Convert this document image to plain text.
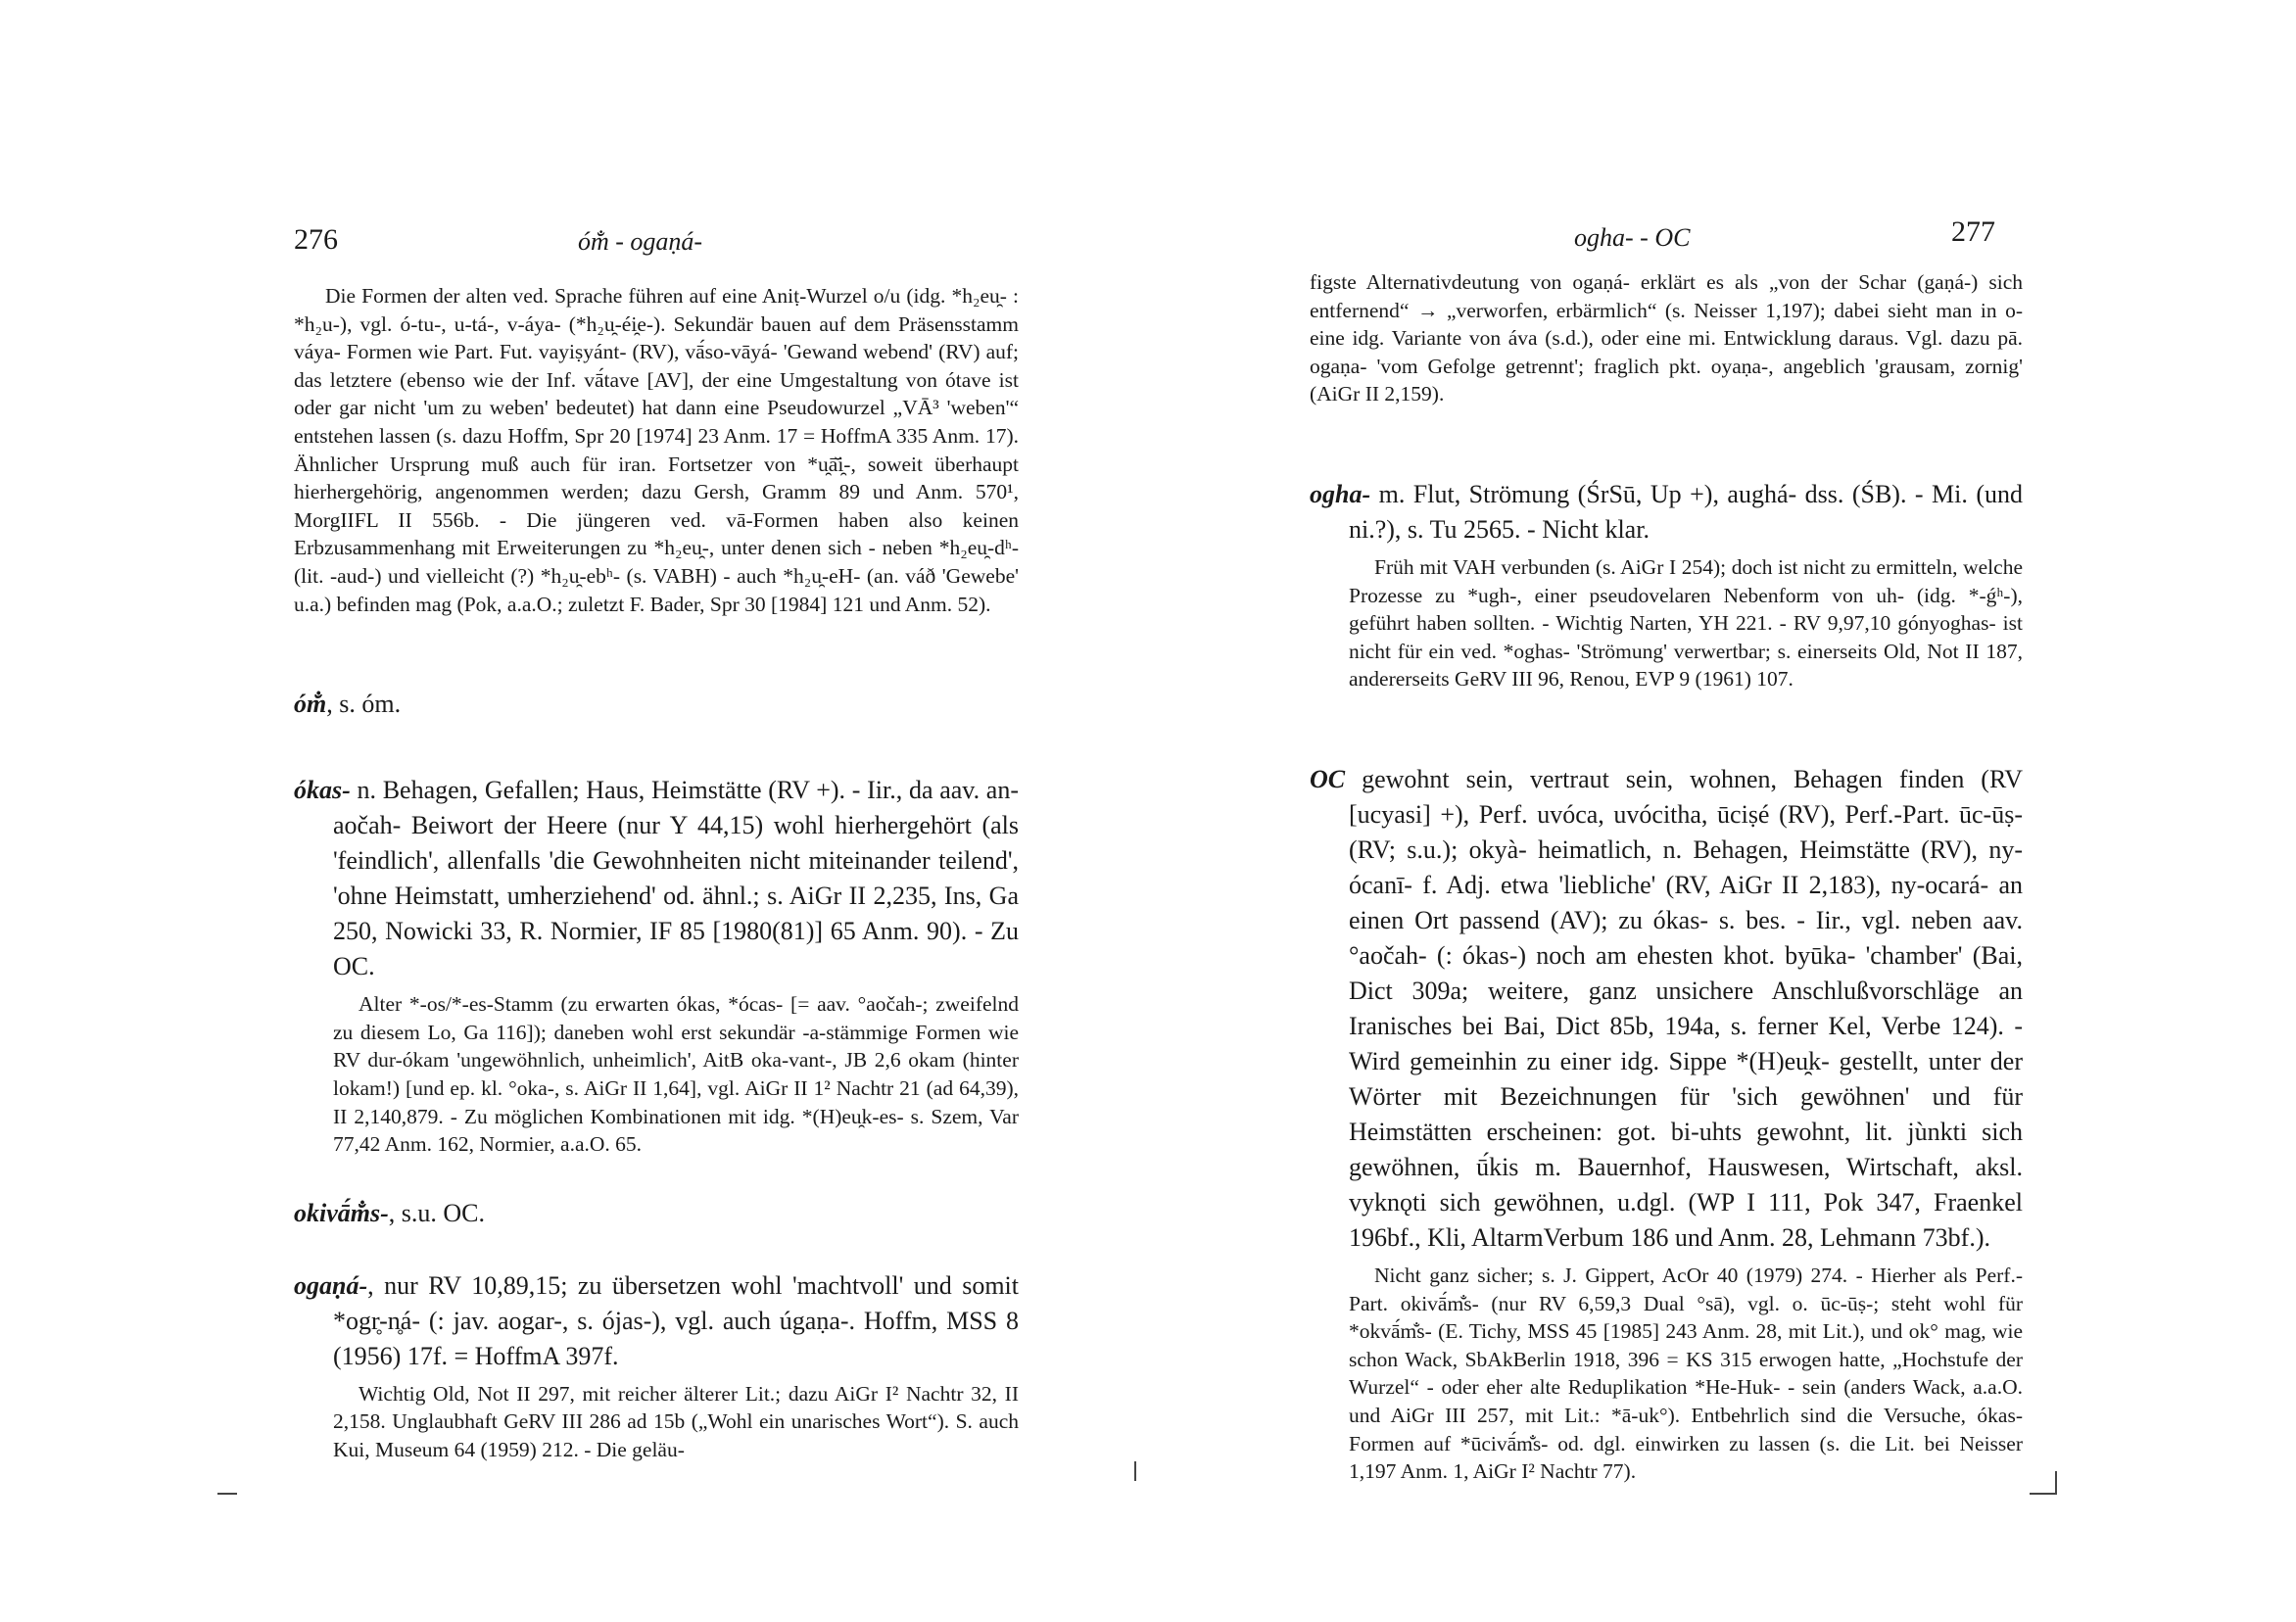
276	óm̐ - ogaṇá-

Die Formen der alten ved. Sprache führen auf eine Aniṭ-Wurzel o/u (idg. *h₂eu̯- : *h₂u-), vgl. ó-tu-, u-tá-, v-áya- (*h₂u̯-éi̯e-). Sekundär bauen auf dem Präsensstamm váya- Formen wie Part. Fut. vayiṣyánt- (RV), vā́so-vāyá- 'Gewand webend' (RV) auf; das letztere (ebenso wie der Inf. vā́tave [AV], der eine Umgestaltung von ótave ist oder gar nicht 'um zu weben' bedeutet) hat dann eine Pseudowurzel „VĀ³ 'weben'“ entstehen lassen (s. dazu Hoffm, Spr 20 [1974] 23 Anm. 17 = HoffmA 335 Anm. 17). Ähnlicher Ursprung muß auch für iran. Fortsetzer von *u̯ā̆i̯-, soweit überhaupt hierhergehörig, angenommen werden; dazu Gersh, Gramm 89 und Anm. 570¹, MorgIIFL II 556b. - Die jüngeren ved. vā-Formen haben also keinen Erbzusammenhang mit Erweiterungen zu *h₂eu̯-, unter denen sich - neben *h₂eu̯-dʰ- (lit. -aud-) und vielleicht (?) *h₂u̯-ebʰ- (s. VABH) - auch *h₂u̯-eH- (an. váð 'Gewebe' u.a.) befinden mag (Pok, a.a.O.; zuletzt F. Bader, Spr 30 [1984] 121 und Anm. 52).

óm̐, s. óm.

ókas- n. Behagen, Gefallen; Haus, Heimstätte (RV +). - Iir., da aav. an-aočah- Beiwort der Heere (nur Y 44,15) wohl hierhergehört (als 'feindlich', allenfalls 'die Gewohnheiten nicht miteinander teilend', 'ohne Heimstatt, umherziehend' od. ähnl.; s. AiGr II 2,235, Ins, Ga 250, Nowicki 33, R. Normier, IF 85 [1980(81)] 65 Anm. 90). - Zu OC.

Alter *-os/*-es-Stamm (zu erwarten ókas, *ócas- [= aav. °aočah-; zweifelnd zu diesem Lo, Ga 116]); daneben wohl erst sekundär -a-stämmige Formen wie RV dur-ókam 'ungewöhnlich, unheimlich', AitB oka-vant-, JB 2,6 okam (hinter lokam!) [und ep. kl. °oka-, s. AiGr II 1,64], vgl. AiGr II 1² Nachtr 21 (ad 64,39), II 2,140,879. - Zu möglichen Kombinationen mit idg. *(H)eu̯k-es- s. Szem, Var 77,42 Anm. 162, Normier, a.a.O. 65.

okivā́m̐s-, s.u. OC.

ogaṇá-, nur RV 10,89,15; zu übersetzen wohl 'machtvoll' und somit *ogr̥-n̥á- (: jav. aogar-, s. ójas-), vgl. auch úgaṇa-. Hoffm, MSS 8 (1956) 17f. = HoffmA 397f.

Wichtig Old, Not II 297, mit reicher älterer Lit.; dazu AiGr I² Nachtr 32, II 2,158. Unglaubhaft GeRV III 286 ad 15b („Wohl ein unarisches Wort“). S. auch Kui, Museum 64 (1959) 212. - Die geläu-

ogha- - OC	277

figste Alternativdeutung von ogaṇá- erklärt es als „von der Schar (gaṇá-) sich entfernend“ → „verworfen, erbärmlich“ (s. Neisser 1,197); dabei sieht man in o- eine idg. Variante von áva (s.d.), oder eine mi. Entwicklung daraus. Vgl. dazu pā. ogaṇa- 'vom Gefolge getrennt'; fraglich pkt. oyaṇa-, angeblich 'grausam, zornig' (AiGr II 2,159).

ogha- m. Flut, Strömung (ŚrSū, Up +), aughá- dss. (ŚB). - Mi. (und ni.?), s. Tu 2565. - Nicht klar.

Früh mit VAH verbunden (s. AiGr I 254); doch ist nicht zu ermitteln, welche Prozesse zu *ugh-, einer pseudovelaren Nebenform von uh- (idg. *-ǵʰ-), geführt haben sollten. - Wichtig Narten, YH 221. - RV 9,97,10 gónyoghas- ist nicht für ein ved. *oghas- 'Strömung' verwertbar; s. einerseits Old, Not II 187, andererseits GeRV III 96, Renou, EVP 9 (1961) 107.

OC gewohnt sein, vertraut sein, wohnen, Behagen finden (RV [ucyasi] +), Perf. uvóca, uvócitha, ūciṣé (RV), Perf.-Part. ūc-ūṣ- (RV; s.u.); okyà- heimatlich, n. Behagen, Heimstätte (RV), ny-ócanī- f. Adj. etwa 'liebliche' (RV, AiGr II 2,183), ny-ocará- an einen Ort passend (AV); zu ókas- s. bes. - Iir., vgl. neben aav. °aočah- (: ókas-) noch am ehesten khot. byūka- 'chamber' (Bai, Dict 309a; weitere, ganz unsichere Anschlußvorschläge an Iranisches bei Bai, Dict 85b, 194a, s. ferner Kel, Verbe 124). - Wird gemeinhin zu einer idg. Sippe *(H)eu̯k- gestellt, unter der Wörter mit Bezeichnungen für 'sich gewöhnen' und für Heimstätten erscheinen: got. bi-uhts gewohnt, lit. jùnkti sich gewöhnen, ū́kis m. Bauernhof, Hauswesen, Wirtschaft, aksl. vyknǫti sich gewöhnen, u.dgl. (WP I 111, Pok 347, Fraenkel 196bf., Kli, AltarmVerbum 186 und Anm. 28, Lehmann 73bf.).

Nicht ganz sicher; s. J. Gippert, AcOr 40 (1979) 274. - Hierher als Perf.-Part. okivā́m̐s- (nur RV 6,59,3 Dual °sā), vgl. o. ūc-ūṣ-; steht wohl für *okvā́m̐s- (E. Tichy, MSS 45 [1985] 243 Anm. 28, mit Lit.), und ok° mag, wie schon Wack, SbAkBerlin 1918, 396 = KS 315 erwogen hatte, „Hochstufe der Wurzel“ - oder eher alte Reduplikation *He-Huk- - sein (anders Wack, a.a.O. und AiGr III 257, mit Lit.: *ā-uk°). Entbehrlich sind die Versuche, ókas-Formen auf *ūcivā́m̐s- od. dgl. einwirken zu lassen (s. die Lit. bei Neisser 1,197 Anm. 1, AiGr I² Nachtr 77).
